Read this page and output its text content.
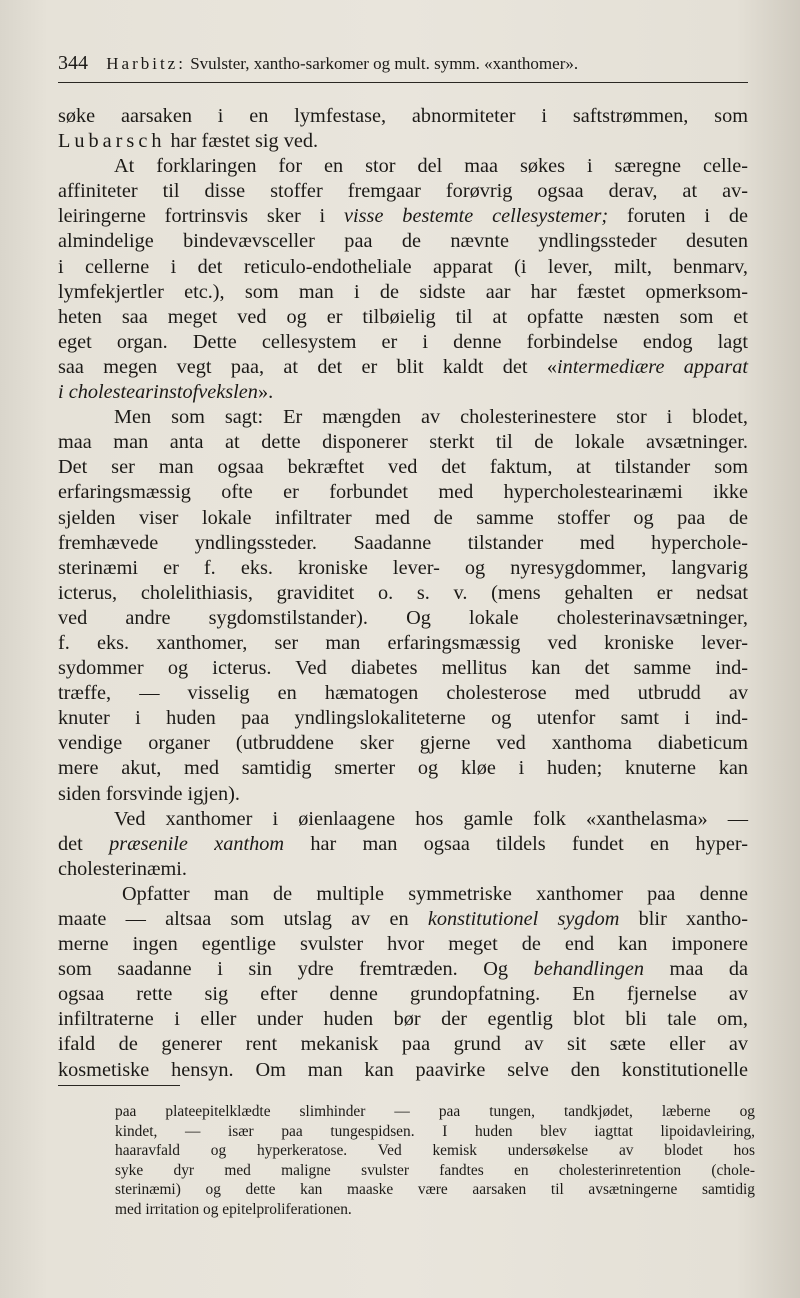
344 Harbitz: Svulster, xantho-sarkomer og mult. symm. «xanthomer».
søke aarsaken i en lymfestase, abnormiteter i saftstrømmen, som
Lubarsch har fæstet sig ved.
At forklaringen for en stor del maa søkes i særegne celle-
affiniteter til disse stoffer fremgaar forøvrig ogsaa derav, at av-
leiringerne fortrinsvis sker i visse bestemte cellesystemer; foruten i de
almindelige bindevævsceller paa de nævnte yndlingssteder desuten
i cellerne i det reticulo-endotheliale apparat (i lever, milt, benmarv,
lymfekjertler etc.), som man i de sidste aar har fæstet opmerksom-
heten saa meget ved og er tilbøielig til at opfatte næsten som et
eget organ. Dette cellesystem er i denne forbindelse endog lagt
saa megen vegt paa, at det er blit kaldt det «intermediære apparat
i cholestearinstofvekslen».
Men som sagt: Er mængden av cholesterinestere stor i blodet,
maa man anta at dette disponerer sterkt til de lokale avsætninger.
Det ser man ogsaa bekræftet ved det faktum, at tilstander som
erfaringsmæssig ofte er forbundet med hypercholestearinæmi ikke
sjelden viser lokale infiltrater med de samme stoffer og paa de
fremhævede yndlingssteder. Saadanne tilstander med hyperchole-
sterinæmi er f. eks. kroniske lever- og nyresygdommer, langvarig
icterus, cholelithiasis, graviditet o. s. v. (mens gehalten er nedsat
ved andre sygdomstilstander). Og lokale cholesterinavsætninger,
f. eks. xanthomer, ser man erfaringsmæssig ved kroniske lever-
sydommer og icterus. Ved diabetes mellitus kan det samme ind-
træffe, — visselig en hæmatogen cholesterose med utbrudd av
knuter i huden paa yndlingslokaliteterne og utenfor samt i ind-
vendige organer (utbruddene sker gjerne ved xanthoma diabeticum
mere akut, med samtidig smerter og kløe i huden; knuterne kan
siden forsvinde igjen).
Ved xanthomer i øienlaagene hos gamle folk «xanthelasma» —
det præsenile xanthom har man ogsaa tildels fundet en hyper-
cholesterinæmi.
Opfatter man de multiple symmetriske xanthomer paa denne
maate — altsaa som utslag av en konstitutionel sygdom blir xantho-
merne ingen egentlige svulster hvor meget de end kan imponere
som saadanne i sin ydre fremtræden. Og behandlingen maa da
ogsaa rette sig efter denne grundopfatning. En fjernelse av
infiltraterne i eller under huden bør der egentlig blot bli tale om,
ifald de generer rent mekanisk paa grund av sit sæte eller av
kosmetiske hensyn. Om man kan paavirke selve den konstitutionelle
paa plateepitelklædte slimhinder — paa tungen, tandkjødet, læberne og
kindet, — især paa tungespidsen. I huden blev iagttat lipoidavleiring,
haaravfald og hyperkeratose. Ved kemisk undersøkelse av blodet hos
syke dyr med maligne svulster fandtes en cholesterinretention (chole-
sterinæmi) og dette kan maaske være aarsaken til avsætningerne samtidig
med irritation og epitelproliferationen.
